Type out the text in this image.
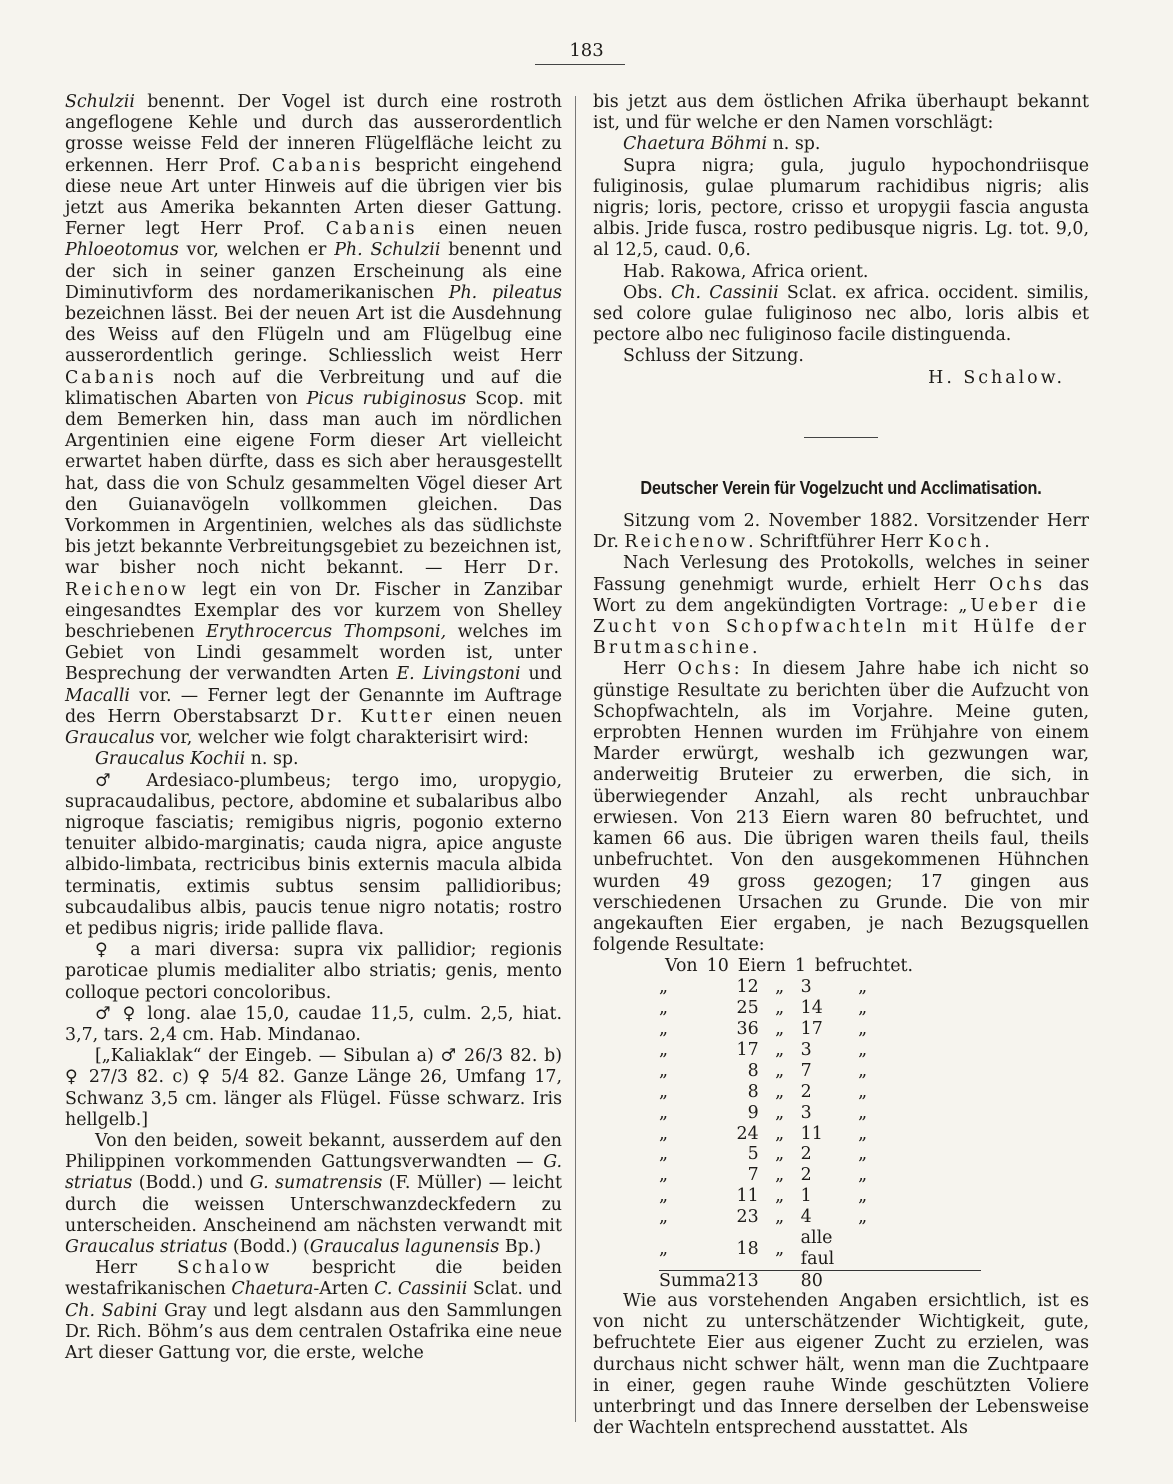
183

Schulzii benennt. Der Vogel ist durch eine rostroth angeflogene Kehle und durch das ausserordentlich grosse weisse Feld der inneren Flügelfläche leicht zu erkennen. Herr Prof. Cabanis bespricht eingehend diese neue Art unter Hinweis auf die übrigen vier bis jetzt aus Amerika bekannten Arten dieser Gattung. Ferner legt Herr Prof. Cabanis einen neuen Phloeotomus vor, welchen er Ph. Schulzii benennt und der sich in seiner ganzen Erscheinung als eine Diminutivform des nordamerikanischen Ph. pileatus bezeichnen lässt. Bei der neuen Art ist die Ausdehnung des Weiss auf den Flügeln und am Flügelbug eine ausserordentlich geringe. Schliesslich weist Herr Cabanis noch auf die Verbreitung und auf die klimatischen Abarten von Picus rubiginosus Scop. mit dem Bemerken hin, dass man auch im nördlichen Argentinien eine eigene Form dieser Art vielleicht erwartet haben dürfte, dass es sich aber herausgestellt hat, dass die von Schulz gesammelten Vögel dieser Art den Guianavögeln vollkommen gleichen. Das Vorkommen in Argentinien, welches als das südlichste bis jetzt bekannte Verbreitungsgebiet zu bezeichnen ist, war bisher noch nicht bekannt. — Herr Dr. Reichenow legt ein von Dr. Fischer in Zanzibar eingesandtes Exemplar des vor kurzem von Shelley beschriebenen Erythrocercus Thompsoni, welches im Gebiet von Lindi gesammelt worden ist, unter Besprechung der verwandten Arten E. Livingstoni und Macalli vor. — Ferner legt der Genannte im Auftrage des Herrn Oberstabsarzt Dr. Kutter einen neuen Graucalus vor, welcher wie folgt charakterisirt wird:

Graucalus Kochii n. sp.

♂ Ardesiaco-plumbeus; tergo imo, uropygio, supracaudalibus, pectore, abdomine et subalaribus albo nigroque fasciatis; remigibus nigris, pogonio externo tenuiter albido-marginatis; cauda nigra, apice anguste albido-limbata, rectricibus binis externis macula albida terminatis, extimis subtus sensim pallidioribus; subcaudalibus albis, paucis tenue nigro notatis; rostro et pedibus nigris; iride pallide flava.

♀ a mari diversa: supra vix pallidior; regionis paroticae plumis medialiter albo striatis; genis, mento colloque pectori concoloribus.

♂ ♀ long. alae 15,0, caudae 11,5, culm. 2,5, hiat. 3,7, tars. 2,4 cm. Hab. Mindanao.

[„Kaliaklak“ der Eingeb. — Sibulan a) ♂ 26/3 82. b) ♀ 27/3 82. c) ♀ 5/4 82. Ganze Länge 26, Umfang 17, Schwanz 3,5 cm. länger als Flügel. Füsse schwarz. Iris hellgelb.]

Von den beiden, soweit bekannt, ausserdem auf den Philippinen vorkommenden Gattungsverwandten — G. striatus (Bodd.) und G. sumatrensis (F. Müller) — leicht durch die weissen Unterschwanzdeckfedern zu unterscheiden. Anscheinend am nächsten verwandt mit Graucalus striatus (Bodd.) (Graucalus lagunensis Bp.)

Herr Schalow bespricht die beiden westafrikanischen Chaetura-Arten C. Cassinii Sclat. und Ch. Sabini Gray und legt alsdann aus den Sammlungen Dr. Rich. Böhm’s aus dem centralen Ostafrika eine neue Art dieser Gattung vor, die erste, welche

bis jetzt aus dem östlichen Afrika überhaupt bekannt ist, und für welche er den Namen vorschlägt:

Chaetura Böhmi n. sp.

Supra nigra; gula, jugulo hypochondriisque fuliginosis, gulae plumarum rachidibus nigris; alis nigris; loris, pectore, crisso et uropygii fascia angusta albis. Jride fusca, rostro pedibusque nigris. Lg. tot. 9,0, al 12,5, caud. 0,6.

Hab. Rakowa, Africa orient.

Obs. Ch. Cassinii Sclat. ex africa. occident. similis, sed colore gulae fuliginoso nec albo, loris albis et pectore albo nec fuliginoso facile distinguenda.

Schluss der Sitzung.

H. Schalow.

Deutscher Verein für Vogelzucht und Acclimatisation.

Sitzung vom 2. November 1882. Vorsitzender Herr Dr. Reichenow. Schriftführer Herr Koch.

Nach Verlesung des Protokolls, welches in seiner Fassung genehmigt wurde, erhielt Herr Ochs das Wort zu dem angekündigten Vortrage: „Ueber die Zucht von Schopfwachteln mit Hülfe der Brutmaschine.

Herr Ochs: In diesem Jahre habe ich nicht so günstige Resultate zu berichten über die Aufzucht von Schopfwachteln, als im Vorjahre. Meine guten, erprobten Hennen wurden im Frühjahre von einem Marder erwürgt, weshalb ich gezwungen war, anderweitig Bruteier zu erwerben, die sich, in überwiegender Anzahl, als recht unbrauchbar erwiesen. Von 213 Eiern waren 80 befruchtet, und kamen 66 aus. Die übrigen waren theils faul, theils unbefruchtet. Von den ausgekommenen Hühnchen wurden 49 gross gezogen; 17 gingen aus verschiedenen Ursachen zu Grunde. Die von mir angekauften Eier ergaben, je nach Bezugsquellen folgende Resultate:

Von 10 Eiern 1 befruchtet.					
„	12	„	3	„	
„	25	„	14	„	
„	36	„	17	„	
„	17	„	3	„	
„	8	„	7	„	
„	8	„	2	„	
„	9	„	3	„	
„	24	„	11	„	
„	5	„	2	„	
„	7	„	2	„	
„	11	„	1	„	
„	23	„	4	„	
„	18	„	alle faul		
Summa	213		80		

Wie aus vorstehenden Angaben ersichtlich, ist es von nicht zu unterschätzender Wichtigkeit, gute, befruchtete Eier aus eigener Zucht zu erzielen, was durchaus nicht schwer hält, wenn man die Zuchtpaare in einer, gegen rauhe Winde geschützten Voliere unterbringt und das Innere derselben der Lebensweise der Wachteln entsprechend ausstattet. Als
